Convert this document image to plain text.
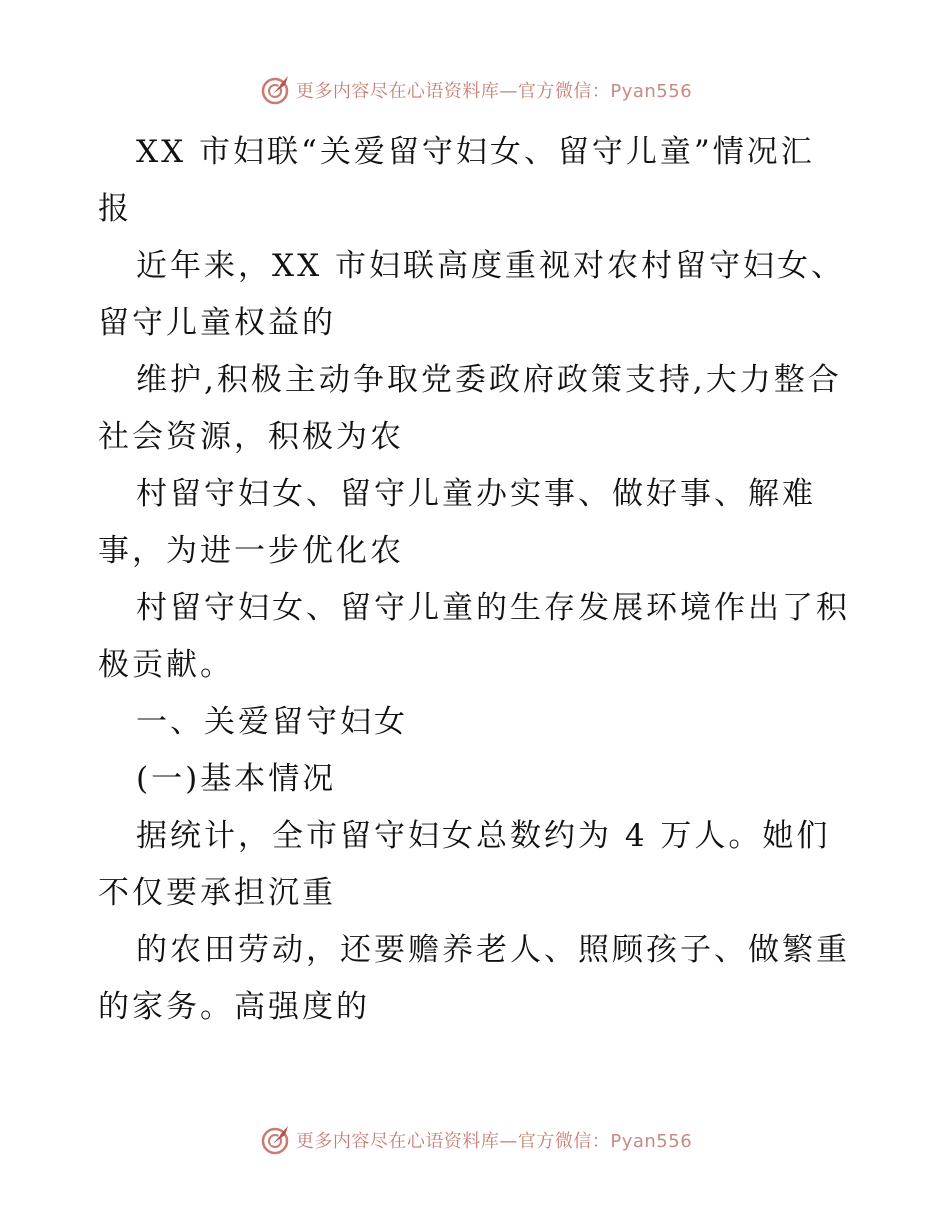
更多内容尽在心语资料库—官方微信：Pyan556
XX 市妇联“关爱留守妇女、留守儿童”情况汇
报
近年来，XX 市妇联高度重视对农村留守妇女、
留守儿童权益的
维护,积极主动争取党委政府政策支持,大力整合
社会资源，积极为农
村留守妇女、留守儿童办实事、做好事、解难
事，为进一步优化农
村留守妇女、留守儿童的生存发展环境作出了积
极贡献。
一、关爱留守妇女
(一)基本情况
据统计，全市留守妇女总数约为 4 万人。她们
不仅要承担沉重
的农田劳动，还要赡养老人、照顾孩子、做繁重
的家务。高强度的
更多内容尽在心语资料库—官方微信：Pyan556
